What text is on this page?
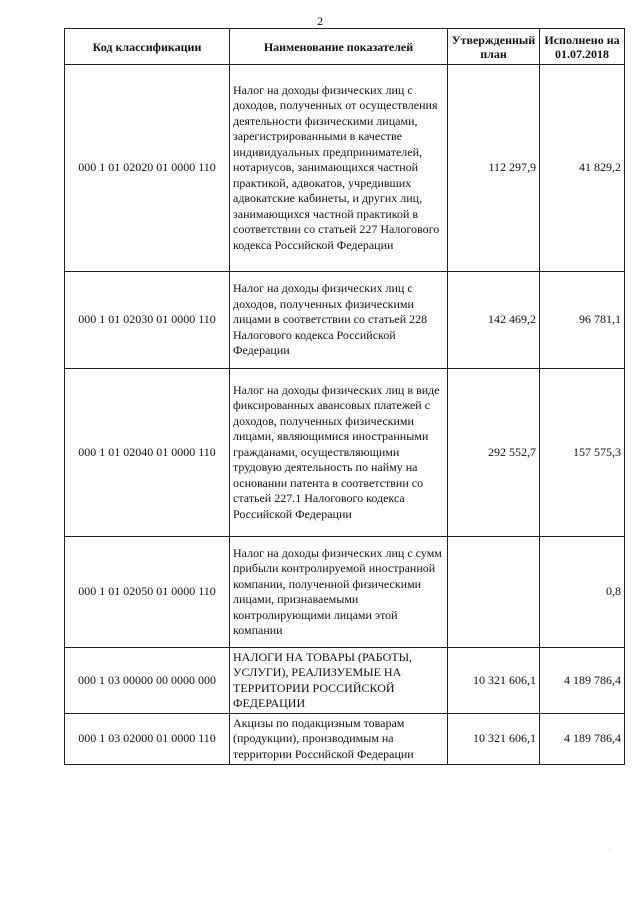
2
Код классификации	Наименование показателей	Утвержденный план	Исполнено на 01.07.2018
000 1 01 02020 01 0000 110	Налог на доходы физических лиц с доходов, полученных от осуществления деятельности физическими лицами, зарегистрированными в качестве индивидуальных предпринимателей, нотариусов, занимающихся частной практикой, адвокатов, учредивших адвокатские кабинеты, и других лиц, занимающихся частной практикой в соответствии со статьей 227 Налогового кодекса Российской Федерации	112 297,9	41 829,2
000 1 01 02030 01 0000 110	Налог на доходы физических лиц с доходов, полученных физическими лицами в соответствии со статьей 228 Налогового кодекса Российской Федерации	142 469,2	96 781,1
000 1 01 02040 01 0000 110	Налог на доходы физических лиц в виде фиксированных авансовых платежей с доходов, полученных физическими лицами, являющимися иностранными гражданами, осуществляющими трудовую деятельность по найму на основании патента в соответствии со статьей 227.1 Налогового кодекса Российской Федерации	292 552,7	157 575,3
000 1 01 02050 01 0000 110	Налог на доходы физических лиц с сумм прибыли контролируемой иностранной компании, полученной физическими лицами, признаваемыми контролирующими лицами этой компании		0,8
000 1 03 00000 00 0000 000	НАЛОГИ НА ТОВАРЫ (РАБОТЫ, УСЛУГИ), РЕАЛИЗУЕМЫЕ НА ТЕРРИТОРИИ РОССИЙСКОЙ ФЕДЕРАЦИИ	10 321 606,1	4 189 786,4
000 1 03 02000 01 0000 110	Акцизы по подакцизным товарам (продукции), производимым на территории Российской Федерации	10 321 606,1	4 189 786,4
·
